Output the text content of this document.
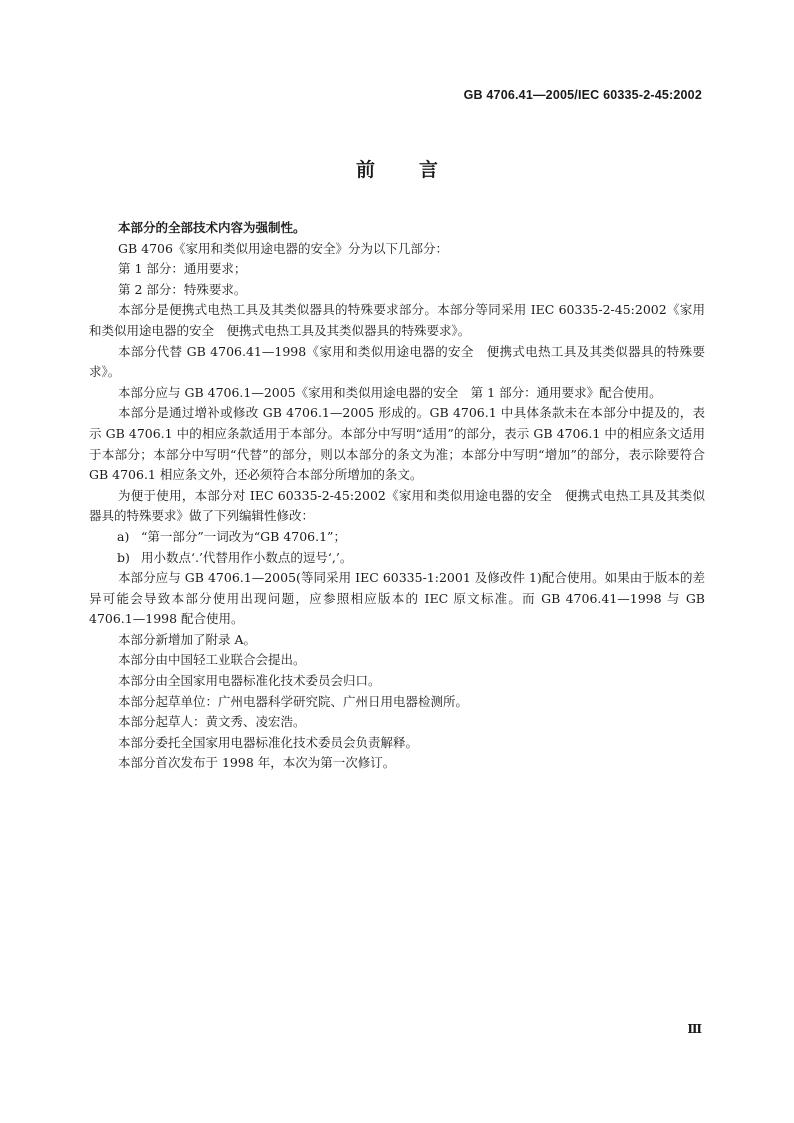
GB 4706.41—2005/IEC 60335-2-45:2002
前言

本部分的全部技术内容为强制性。

GB 4706《家用和类似用途电器的安全》分为以下几部分：

第 1 部分：通用要求；

第 2 部分：特殊要求。

本部分是便携式电热工具及其类似器具的特殊要求部分。本部分等同采用 IEC 60335-2-45:2002《家用和类似用途电器的安全　便携式电热工具及其类似器具的特殊要求》。

本部分代替 GB 4706.41—1998《家用和类似用途电器的安全　便携式电热工具及其类似器具的特殊要求》。

本部分应与 GB 4706.1—2005《家用和类似用途电器的安全　第 1 部分：通用要求》配合使用。

本部分是通过增补或修改 GB 4706.1—2005 形成的。GB 4706.1 中具体条款未在本部分中提及的，表示 GB 4706.1 中的相应条款适用于本部分。本部分中写明“适用”的部分，表示 GB 4706.1 中的相应条文适用于本部分；本部分中写明“代替”的部分，则以本部分的条文为准；本部分中写明“增加”的部分，表示除要符合 GB 4706.1 相应条文外，还必须符合本部分所增加的条文。

为便于使用，本部分对 IEC 60335-2-45:2002《家用和类似用途电器的安全　便携式电热工具及其类似器具的特殊要求》做了下列编辑性修改：

a) “第一部分”一词改为“GB 4706.1”；

b) 用小数点‘.’代替用作小数点的逗号‘,’。

本部分应与 GB 4706.1—2005(等同采用 IEC 60335-1:2001 及修改件 1)配合使用。如果由于版本的差异可能会导致本部分使用出现问题，应参照相应版本的 IEC 原文标准。而 GB 4706.41—1998 与 GB 4706.1—1998 配合使用。

本部分新增加了附录 A。

本部分由中国轻工业联合会提出。

本部分由全国家用电器标准化技术委员会归口。

本部分起草单位：广州电器科学研究院、广州日用电器检测所。

本部分起草人：黄文秀、凌宏浩。

本部分委托全国家用电器标准化技术委员会负责解释。

本部分首次发布于 1998 年，本次为第一次修订。

Ⅲ
